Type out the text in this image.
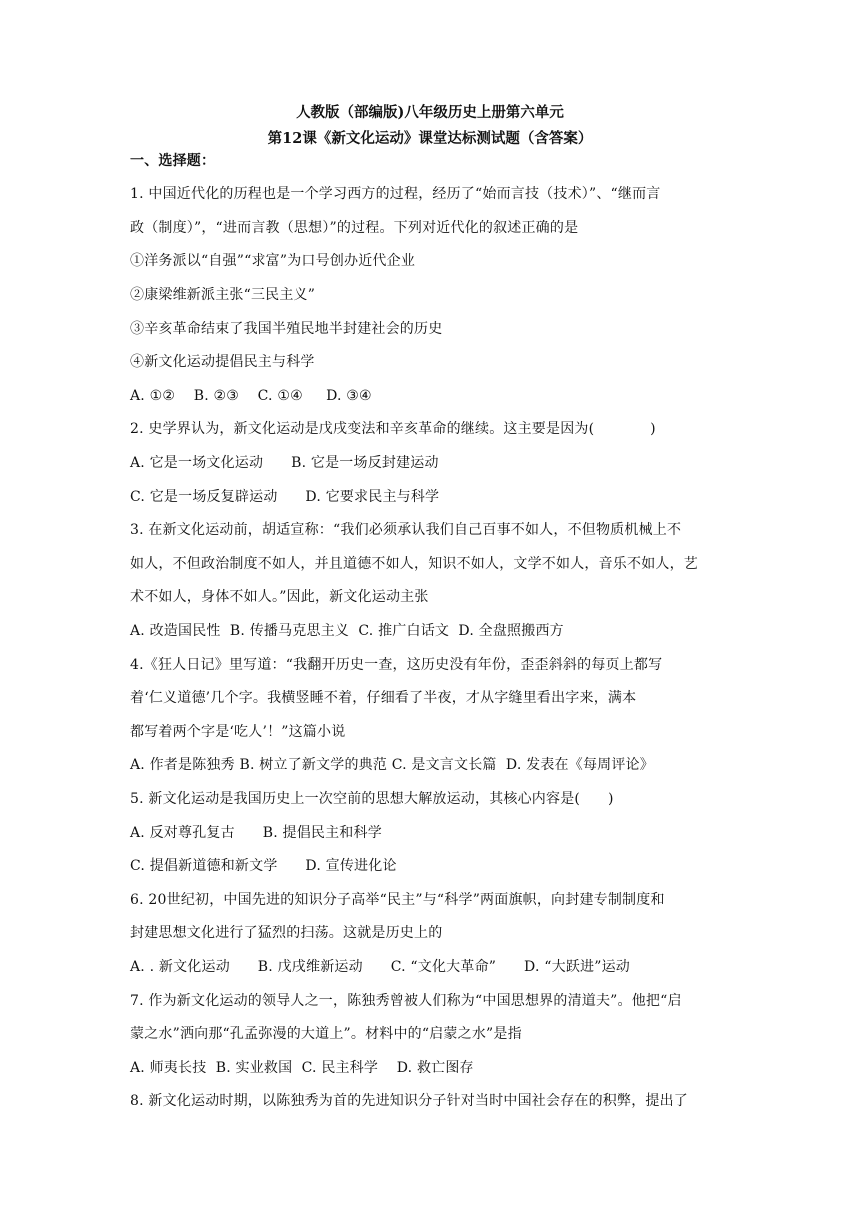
人教版（部编版)八年级历史上册第六单元
第12课《新文化运动》课堂达标测试题（含答案）
一、选择题：
1. 中国近代化的历程也是一个学习西方的过程，经历了“始而言技（技术）”、“继而言
政（制度）”，“进而言教（思想）”的过程。下列对近代化的叙述正确的是
①洋务派以“自强”“求富”为口号创办近代企业
②康梁维新派主张“三民主义”
③辛亥革命结束了我国半殖民地半封建社会的历史
④新文化运动提倡民主与科学
A. ①②    B. ②③    C. ①④     D. ③④
2. 史学界认为，新文化运动是戊戌变法和辛亥革命的继续。这主要是因为(            )
A. 它是一场文化运动      B. 它是一场反封建运动
C. 它是一场反复辟运动      D. 它要求民主与科学
3. 在新文化运动前，胡适宣称：“我们必须承认我们自己百事不如人，不但物质机械上不
如人，不但政治制度不如人，并且道德不如人，知识不如人，文学不如人，音乐不如人，艺
术不如人，身体不如人。”因此，新文化运动主张
A. 改造国民性  B. 传播马克思主义  C. 推广白话文  D. 全盘照搬西方
4.《狂人日记》里写道：“我翻开历史一查，这历史没有年份，歪歪斜斜的每页上都写
着‘仁义道德’几个字。我横竖睡不着，仔细看了半夜，才从字缝里看出字来，满本
都写着两个字是‘吃人’！”这篇小说
A. 作者是陈独秀 B. 树立了新文学的典范 C. 是文言文长篇  D. 发表在《每周评论》
5. 新文化运动是我国历史上一次空前的思想大解放运动，其核心内容是(      )
A. 反对尊孔复古      B. 提倡民主和科学
C. 提倡新道德和新文学      D. 宣传进化论
6. 20世纪初，中国先进的知识分子高举“民主”与“科学”两面旗帜，向封建专制制度和
封建思想文化进行了猛烈的扫荡。这就是历史上的
A. . 新文化运动      B. 戊戌维新运动      C. “文化大革命”      D. “大跃进”运动
7. 作为新文化运动的领导人之一，陈独秀曾被人们称为“中国思想界的清道夫”。他把“启
蒙之水”洒向那“孔孟弥漫的大道上”。材料中的“启蒙之水”是指
A. 师夷长技  B. 实业救国  C. 民主科学    D. 救亡图存
8. 新文化运动时期，以陈独秀为首的先进知识分子针对当时中国社会存在的积弊，提出了
